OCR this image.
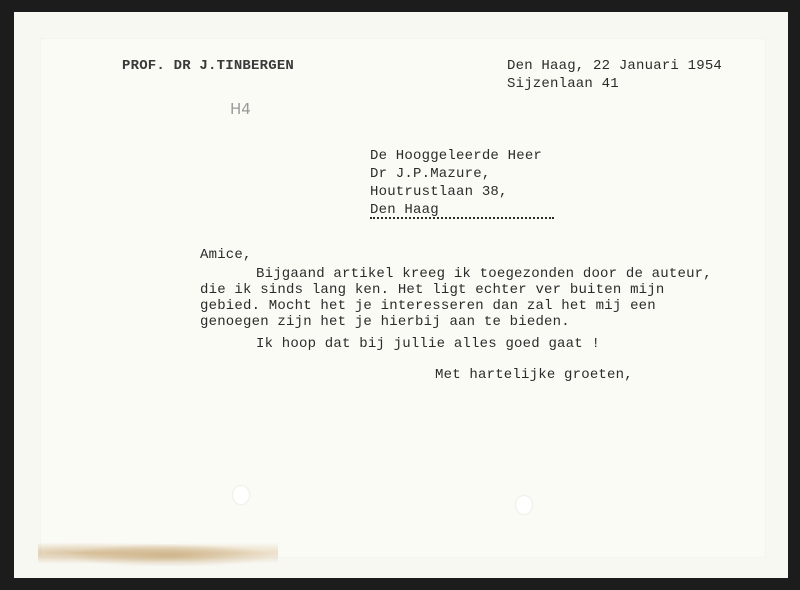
PROF. DR J.TINBERGEN	Den Haag, 22 Januari 1954
Sijzenlaan 41
H4
De Hooggeleerde Heer
Dr J.P.Mazure,
Houtrustlaan 38,
Den Haag
Amice,
Bijgaand artikel kreeg ik toegezonden door de auteur,
die ik sinds lang ken. Het ligt echter ver buiten mijn
gebied. Mocht het je interesseren dan zal het mij een
genoegen zijn het je hierbij aan te bieden.
Ik hoop dat bij jullie alles goed gaat !
Met hartelijke groeten,
